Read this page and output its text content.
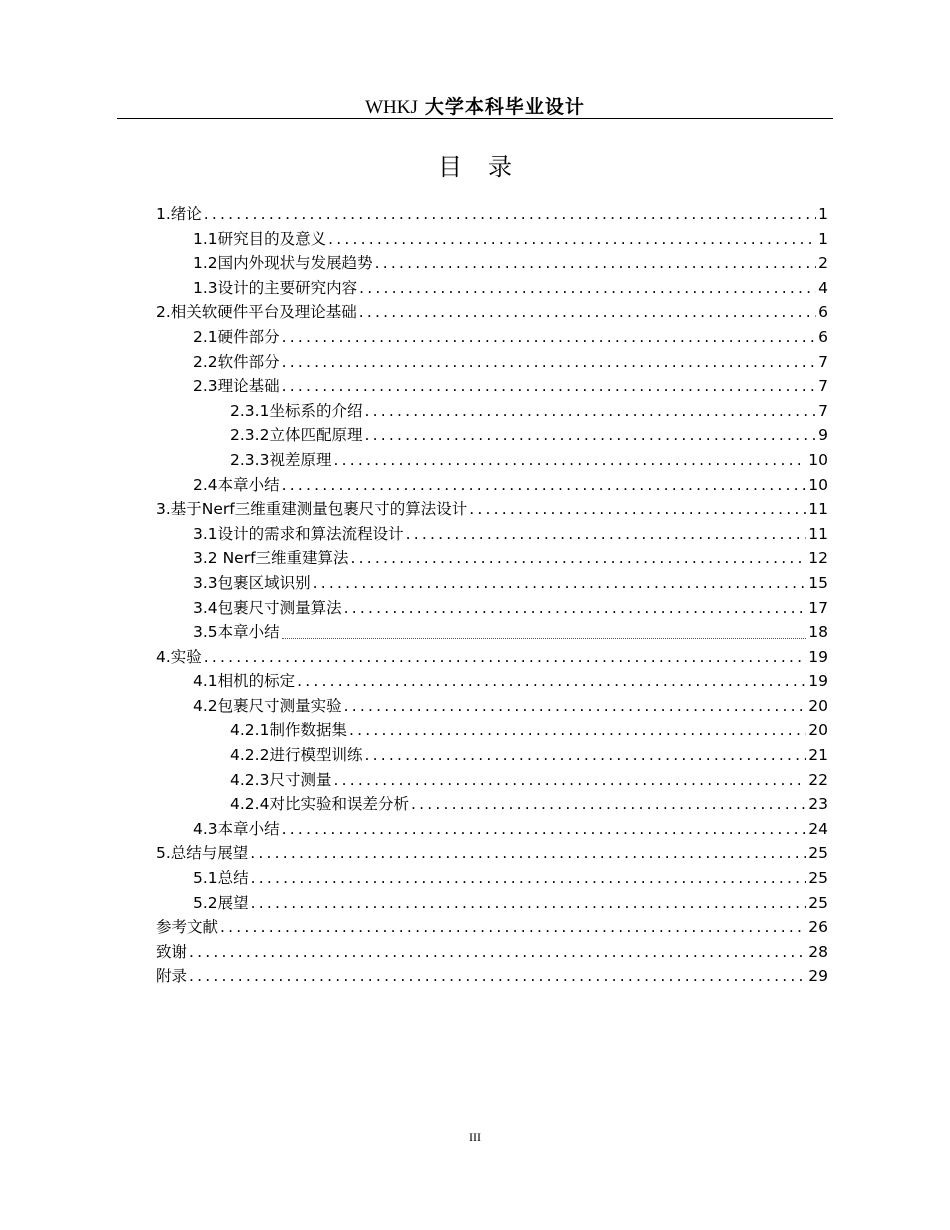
WHKJ 大学本科毕业设计
目录
1.绪论 .....	1
1.1研究目的及意义 .....	1
1.2国内外现状与发展趋势 .....	2
1.3设计的主要研究内容 .....	4
2.相关软硬件平台及理论基础 .....	6
2.1硬件部分 .....	6
2.2软件部分 .....	7
2.3理论基础 .....	7
2.3.1坐标系的介绍 .....	7
2.3.2立体匹配原理 .....	9
2.3.3视差原理 .....	10
2.4本章小结 .....	10
3.基于Nerf三维重建测量包裹尺寸的算法设计 .....	11
3.1设计的需求和算法流程设计 .....	11
3.2 Nerf三维重建算法 .....	12
3.3包裹区域识别 .....	15
3.4包裹尺寸测量算法 .....	17
3.5本章小结	18
4.实验 .....	19
4.1相机的标定 .....	19
4.2包裹尺寸测量实验 .....	20
4.2.1制作数据集 .....	20
4.2.2进行模型训练 .....	21
4.2.3尺寸测量 .....	22
4.2.4对比实验和误差分析 .....	23
4.3本章小结 .....	24
5.总结与展望 .....	25
5.1总结 .....	25
5.2展望 .....	25
参考文献 .....	26
致谢 .....	28
附录 .....	29
III
